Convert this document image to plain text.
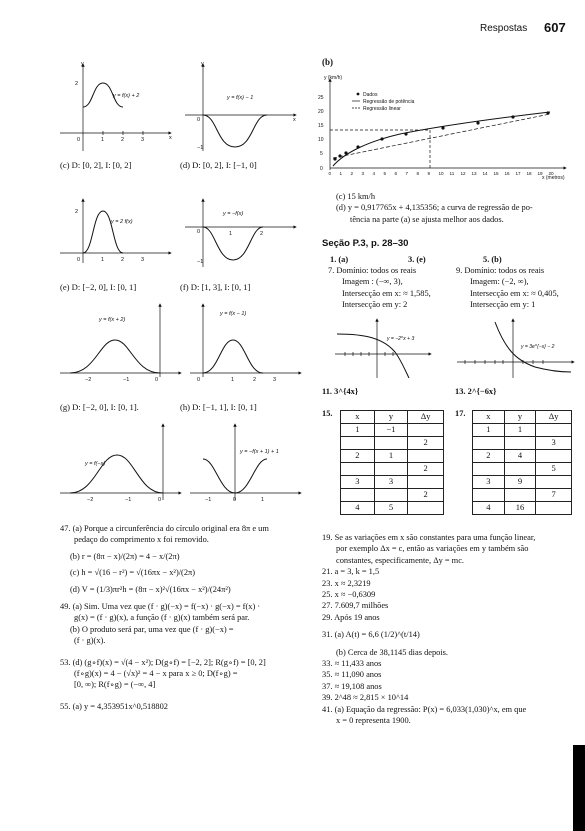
Respostas 607
y
x
2
0	1	2	3
y
x
0
−1
2
0	1	2	3
0
−1
1	2
0
−2	−1	0	1	2	3
0
−2	−1	−1	0	1
y = f(x) + 2	y = f(x) − 1
y = 2 f(x)
y = −f(x)
y = f(x + 2)
y = f(x − 1)
y = f(−x)
y = −f(x + 1) + 1
(c) D: [0, 2], I: [0, 2]	(d) D: [0, 2], I: [−1, 0]
(e) D: [−2, 0], I: [0, 1]	(f) D: [1, 3], I: [0, 1]
(g) D: [−2, 0], I: [0, 1].	(h) D: [−1, 1], I: [0, 1]
47. (a) Porque a circunferência do círculo original era 8π e um
pedaço do comprimento x foi removido.
(b) r = (8π − x)/(2π) = 4 − x/(2π)
(c) h = √(16 − r²) = √(16πx − x²)/(2π)
(d) V = (1/3)πr²h = (8π − x)²√(16πx − x²)/(24π²)
49. (a) Sim. Uma vez que (f · g)(−x) = f(−x) · g(−x) = f(x) ·
g(x) = (f · g)(x), a função (f · g)(x) também será par.
(b) O produto será par, uma vez que (f · g)(−x) =
(f · g)(x).
53. (d) (g∘f)(x) = √(4 − x²); D(g∘f) = [−2, 2]; R(g∘f) = [0, 2]
(f∘g)(x) = 4 − (√x)² = 4 − x para x ≥ 0; D(f∘g) =
[0, ∞); R(f∘g) = (−∞, 4]
55. (a) y = 4,353951x^0,518802
(b)
y (km/h)
x (metros)
Dados
Regressão de potência
Regressão linear
0
5
10
15
20
25
0 1 2 3 4 5 6 7 8 9 10 11 12 13 14 15 16 17 18 19 20
(c) 15 km/h
(d) y = 0,917765x + 4,135356; a curva de regressão de po-
tência na parte (a) se ajusta melhor aos dados.
Seção P.3, p. 28–30
1. (a)	3. (e)	5. (b)
7. Domínio: todos os reais
Imagem : (−∞, 3),
Intersecção em x: ≈ 1,585,
Intersecção em y: 2
9. Domínio: todos os reais
Imagem: (−2, ∞),
Intersecção em x: ≈ 0,405,
Intersecção em y: 1
y = −2^x + 3
y = 3e^{−x} − 2
11. 3^{4x}	13. 2^{−6x}
15.	x	y	Δy
1	−1	
		2
2	1	
		2
3	3	
		2
4	5	
17. x	y	Δy
1	1	
		3
2	4	
		5
3	9	
		7
4	16	
19. Se as variações em x são constantes para uma função linear,
por exemplo Δx = c, então as variações em y também são
constantes, especificamente, Δy = mc.
21. a = 3, k = 1,5
23. x ≈ 2,3219
25. x ≈ −0,6309
27. 7.609,7 milhões
29. Após 19 anos
31. (a) A(t) = 6,6 (1/2)^(t/14)
(b) Cerca de 38,1145 dias depois.
33. ≈ 11,433 anos
35. ≈ 11,090 anos
37. ≈ 19,108 anos
39. 2^48 ≈ 2,815 × 10^14
41. (a) Equação da regressão: P(x) = 6,033(1,030)^x, em que
x = 0 representa 1900.
